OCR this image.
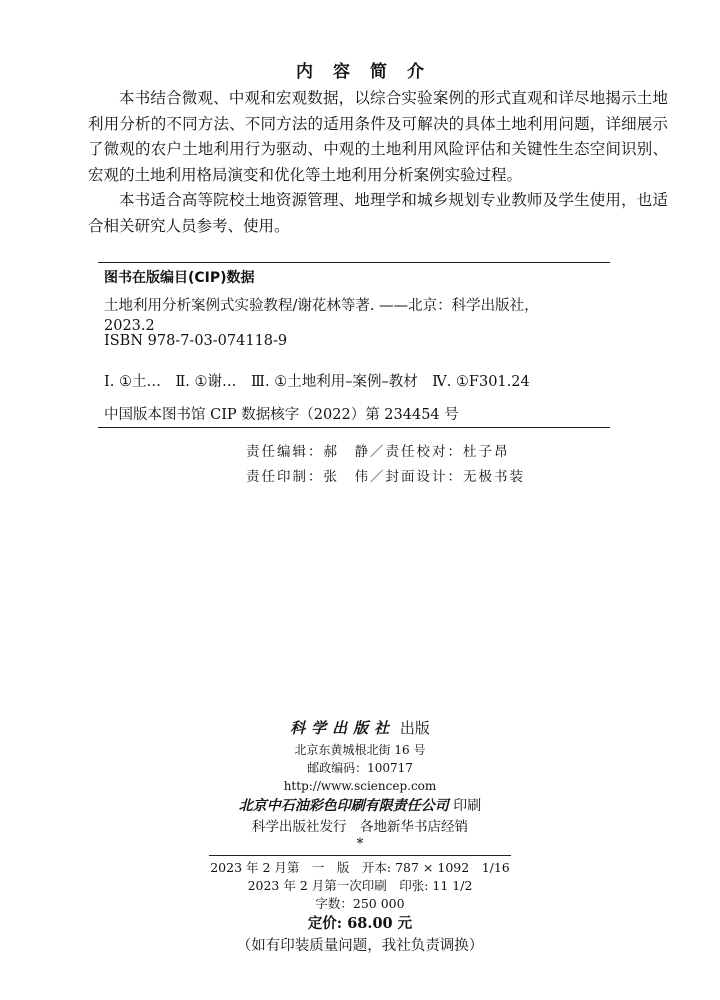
内容简介

本书结合微观、中观和宏观数据，以综合实验案例的形式直观和详尽地揭示土地利用分析的不同方法、不同方法的适用条件及可解决的具体土地利用问题，详细展示了微观的农户土地利用行为驱动、中观的土地利用风险评估和关键性生态空间识别、宏观的土地利用格局演变和优化等土地利用分析案例实验过程。

本书适合高等院校土地资源管理、地理学和城乡规划专业教师及学生使用，也适合相关研究人员参考、使用。

图书在版编目(CIP)数据
土地利用分析案例式实验教程/谢花林等著. ——北京：科学出版社，
2023.2
ISBN 978-7-03-074118-9
Ⅰ. ①土…　Ⅱ. ①谢…　Ⅲ. ①土地利用–案例–教材　Ⅳ. ①F301.24
中国版本图书馆 CIP 数据核字（2022）第 234454 号
责任编辑：郝　静／责任校对：杜子昂
责任印制：张　伟／封面设计：无极书装
科学出版社 出版
北京东黄城根北街 16 号
邮政编码：100717
http://www.sciencep.com
北京中石油彩色印刷有限责任公司 印刷
科学出版社发行　各地新华书店经销
*
2023 年 2 月第　一　版　开本: 787 × 1092　1/16
2023 年 2 月第一次印刷　印张: 11 1/2
字数：250 000
定价: 68.00 元
（如有印装质量问题，我社负责调换）
